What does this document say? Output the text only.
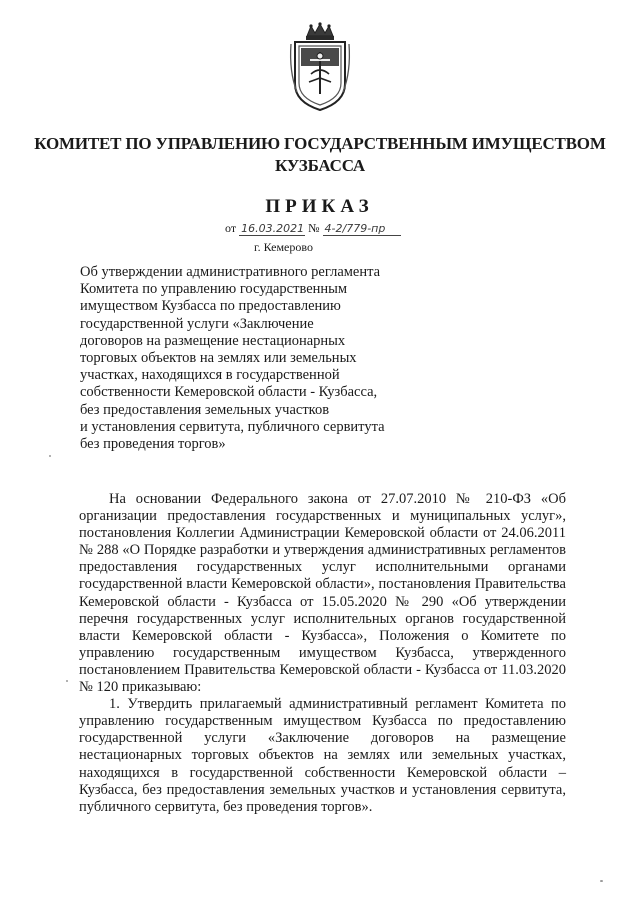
КОМИТЕТ ПО УПРАВЛЕНИЮ ГОСУДАРСТВЕННЫМ ИМУЩЕСТВОМ
КУЗБАССА
ПРИКАЗ
от 16.03.2021 № 4-2/779-пр
г. Кемерово
Об утверждении административного регламента
Комитета по управлению государственным
имуществом Кузбасса по предоставлению
государственной услуги «Заключение
договоров на размещение нестационарных
торговых объектов на землях или земельных
участках, находящихся в государственной
собственности Кемеровской области - Кузбасса,
без предоставления земельных участков
и установления сервитута, публичного сервитута
без проведения торгов»

На основании Федерального закона от 27.07.2010 № 210-ФЗ «Об организации предоставления государственных и муниципальных услуг», постановления Коллегии Администрации Кемеровской области от 24.06.2011 № 288 «О Порядке разработки и утверждения административных регламентов предоставления государственных услуг исполнительными органами государственной власти Кемеровской области», постановления Правительства Кемеровской области - Кузбасса от 15.05.2020 № 290 «Об утверждении перечня государственных услуг исполнительных органов государственной власти Кемеровской области - Кузбасса», Положения о Комитете по управлению государственным имуществом Кузбасса, утвержденного постановлением Правительства Кемеровской области - Кузбасса от 11.03.2020 № 120 приказываю:

1. Утвердить прилагаемый административный регламент Комитета по управлению государственным имуществом Кузбасса по предоставлению государственной услуги «Заключение договоров на размещение нестационарных торговых объектов на землях или земельных участках, находящихся в государственной собственности Кемеровской области – Кузбасса, без предоставления земельных участков и установления сервитута, публичного сервитута, без проведения торгов».
